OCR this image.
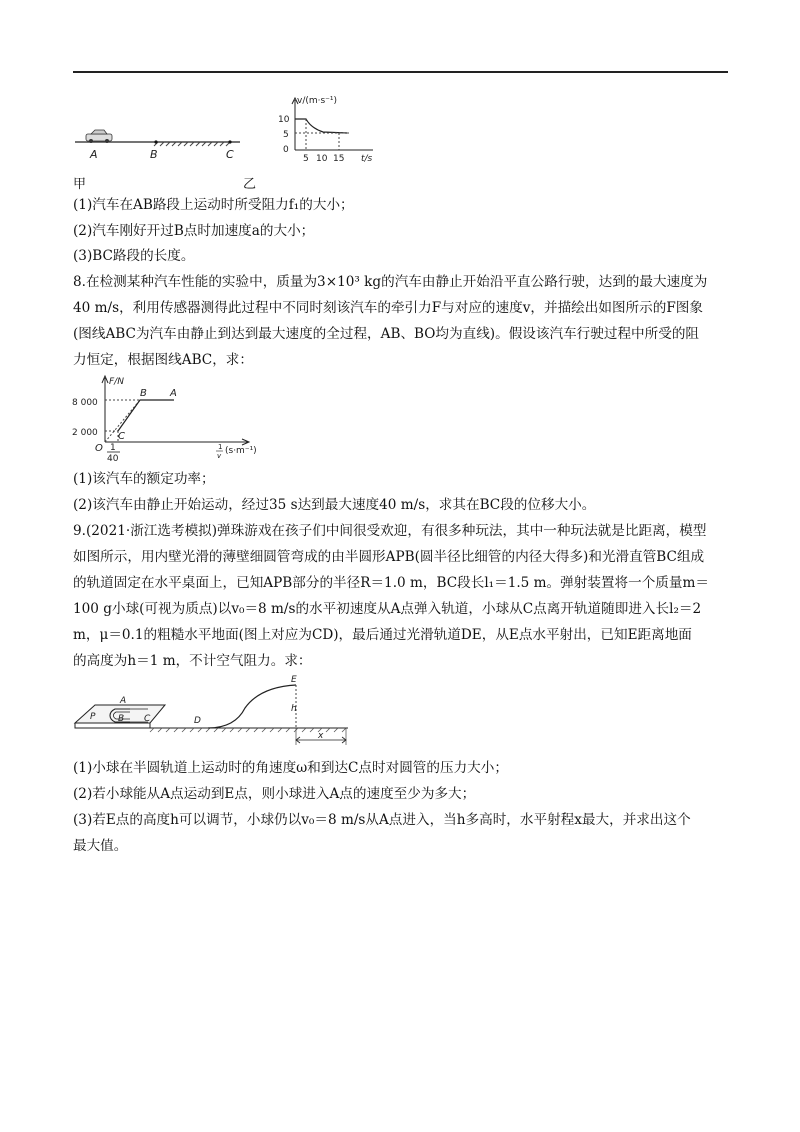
A	B	C
v/(m·s⁻¹)
10
5
0
5 10 15 t/s
甲	乙
(1)汽车在AB路段上运动时所受阻力f₁的大小；
(2)汽车刚好开过B点时加速度a的大小；
(3)BC路段的长度。
8.在检测某种汽车性能的实验中，质量为3×10³ kg的汽车由静止开始沿平直公路行驶，达到的最大速度为
40 m/s，利用传感器测得此过程中不同时刻该汽车的牵引力F与对应的速度v，并描绘出如图所示的F图象
(图线ABC为汽车由静止到达到最大速度的全过程，AB、BO均为直线)。假设该汽车行驶过程中所受的阻
力恒定，根据图线ABC，求：
F/N
8 000
2 000
B A
C
O 1
40
1
v (s·m⁻¹)
(1)该汽车的额定功率；
(2)该汽车由静止开始运动，经过35 s达到最大速度40 m/s，求其在BC段的位移大小。
9.(2021·浙江选考模拟)弹珠游戏在孩子们中间很受欢迎，有很多种玩法，其中一种玩法就是比距离，模型
如图所示，用内壁光滑的薄壁细圆管弯成的由半圆形APB(圆半径比细管的内径大得多)和光滑直管BC组成
的轨道固定在水平桌面上，已知APB部分的半径R＝1.0 m，BC段长l₁＝1.5 m。弹射装置将一个质量m＝
100 g小球(可视为质点)以v₀＝8 m/s的水平初速度从A点弹入轨道，小球从C点离开轨道随即进入长l₂＝2
m，μ＝0.1的粗糙水平地面(图上对应为CD)，最后通过光滑轨道DE，从E点水平射出，已知E距离地面
的高度为h＝1 m，不计空气阻力。求：
A
P	B C	D
E
h
x
(1)小球在半圆轨道上运动时的角速度ω和到达C点时对圆管的压力大小；
(2)若小球能从A点运动到E点，则小球进入A点的速度至少为多大；
(3)若E点的高度h可以调节，小球仍以v₀＝8 m/s从A点进入，当h多高时，水平射程x最大，并求出这个
最大值。
